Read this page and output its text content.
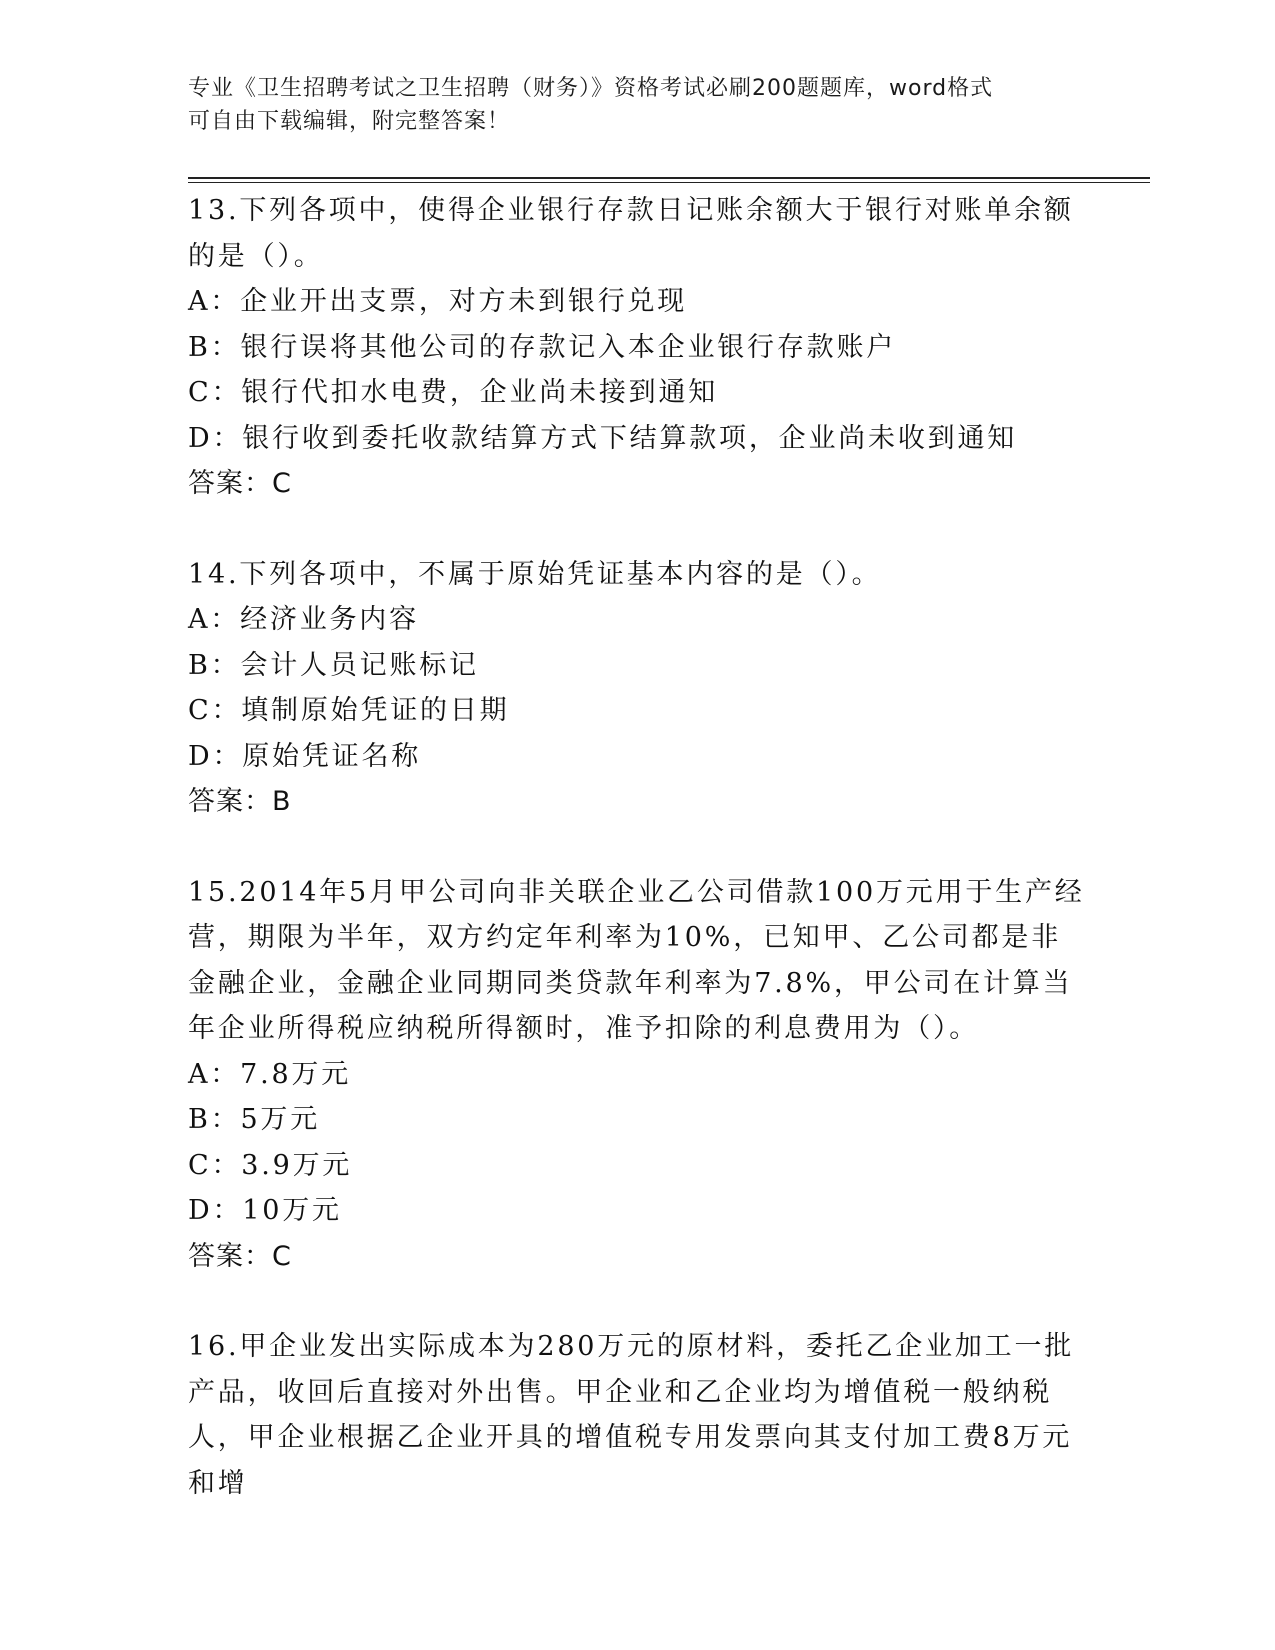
专业《卫生招聘考试之卫生招聘（财务）》资格考试必刷200题题库，word格式
可自由下载编辑，附完整答案！

13.下列各项中，使得企业银行存款日记账余额大于银行对账单余额的是（）。

A：企业开出支票，对方未到银行兑现

B：银行误将其他公司的存款记入本企业银行存款账户

C：银行代扣水电费，企业尚未接到通知

D：银行收到委托收款结算方式下结算款项，企业尚未收到通知

答案：C

14.下列各项中，不属于原始凭证基本内容的是（）。

A：经济业务内容

B：会计人员记账标记

C：填制原始凭证的日期

D：原始凭证名称

答案：B

15.2014年5月甲公司向非关联企业乙公司借款100万元用于生产经营，期限为半年，双方约定年利率为10%，已知甲、乙公司都是非金融企业，金融企业同期同类贷款年利率为7.8%，甲公司在计算当年企业所得税应纳税所得额时，准予扣除的利息费用为（）。

A：7.8万元

B：5万元

C：3.9万元

D：10万元

答案：C

16.甲企业发出实际成本为280万元的原材料，委托乙企业加工一批产品，收回后直接对外出售。甲企业和乙企业均为增值税一般纳税人，甲企业根据乙企业开具的增值税专用发票向其支付加工费8万元和增
